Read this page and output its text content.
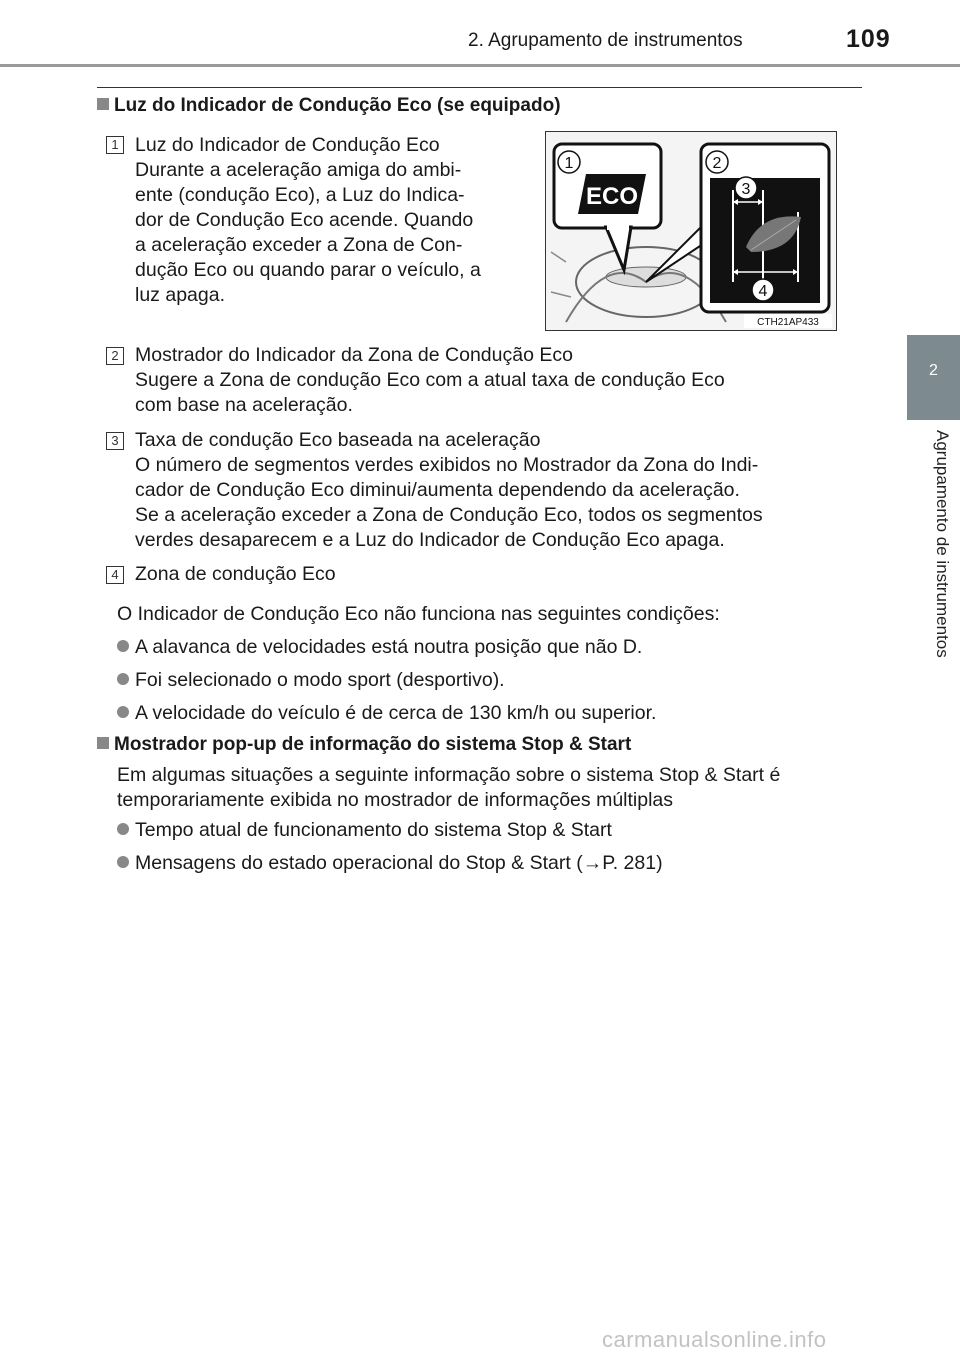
2. Agrupamento de instrumentos	109
2
Agrupamento de instrumentos
Luz do Indicador de Condução Eco (se equipado)
1 Luz do Indicador de Condução Eco
Durante a aceleração amiga do ambi-
ente (condução Eco), a Luz do Indica-
dor de Condução Eco acende. Quando
a aceleração exceder a Zona de Con-
dução Eco ou quando parar o veículo, a
luz apaga.
ECO
1	2
3
4
CTH21AP433
2 Mostrador do Indicador da Zona de Condução Eco
Sugere a Zona de condução Eco com a atual taxa de condução Eco
com base na aceleração.
3 Taxa de condução Eco baseada na aceleração
O número de segmentos verdes exibidos no Mostrador da Zona do Indi-
cador de Condução Eco diminui/aumenta dependendo da aceleração.
Se a aceleração exceder a Zona de Condução Eco, todos os segmentos
verdes desaparecem e a Luz do Indicador de Condução Eco apaga.
4 Zona de condução Eco
O Indicador de Condução Eco não funciona nas seguintes condições:
A alavanca de velocidades está noutra posição que não D.
Foi selecionado o modo sport (desportivo).
A velocidade do veículo é de cerca de 130 km/h ou superior.
Mostrador pop-up de informação do sistema Stop & Start
Em algumas situações a seguinte informação sobre o sistema Stop & Start é
temporariamente exibida no mostrador de informações múltiplas
Tempo atual de funcionamento do sistema Stop & Start
Mensagens do estado operacional do Stop & Start (→P. 281)
carmanualsonline.info
